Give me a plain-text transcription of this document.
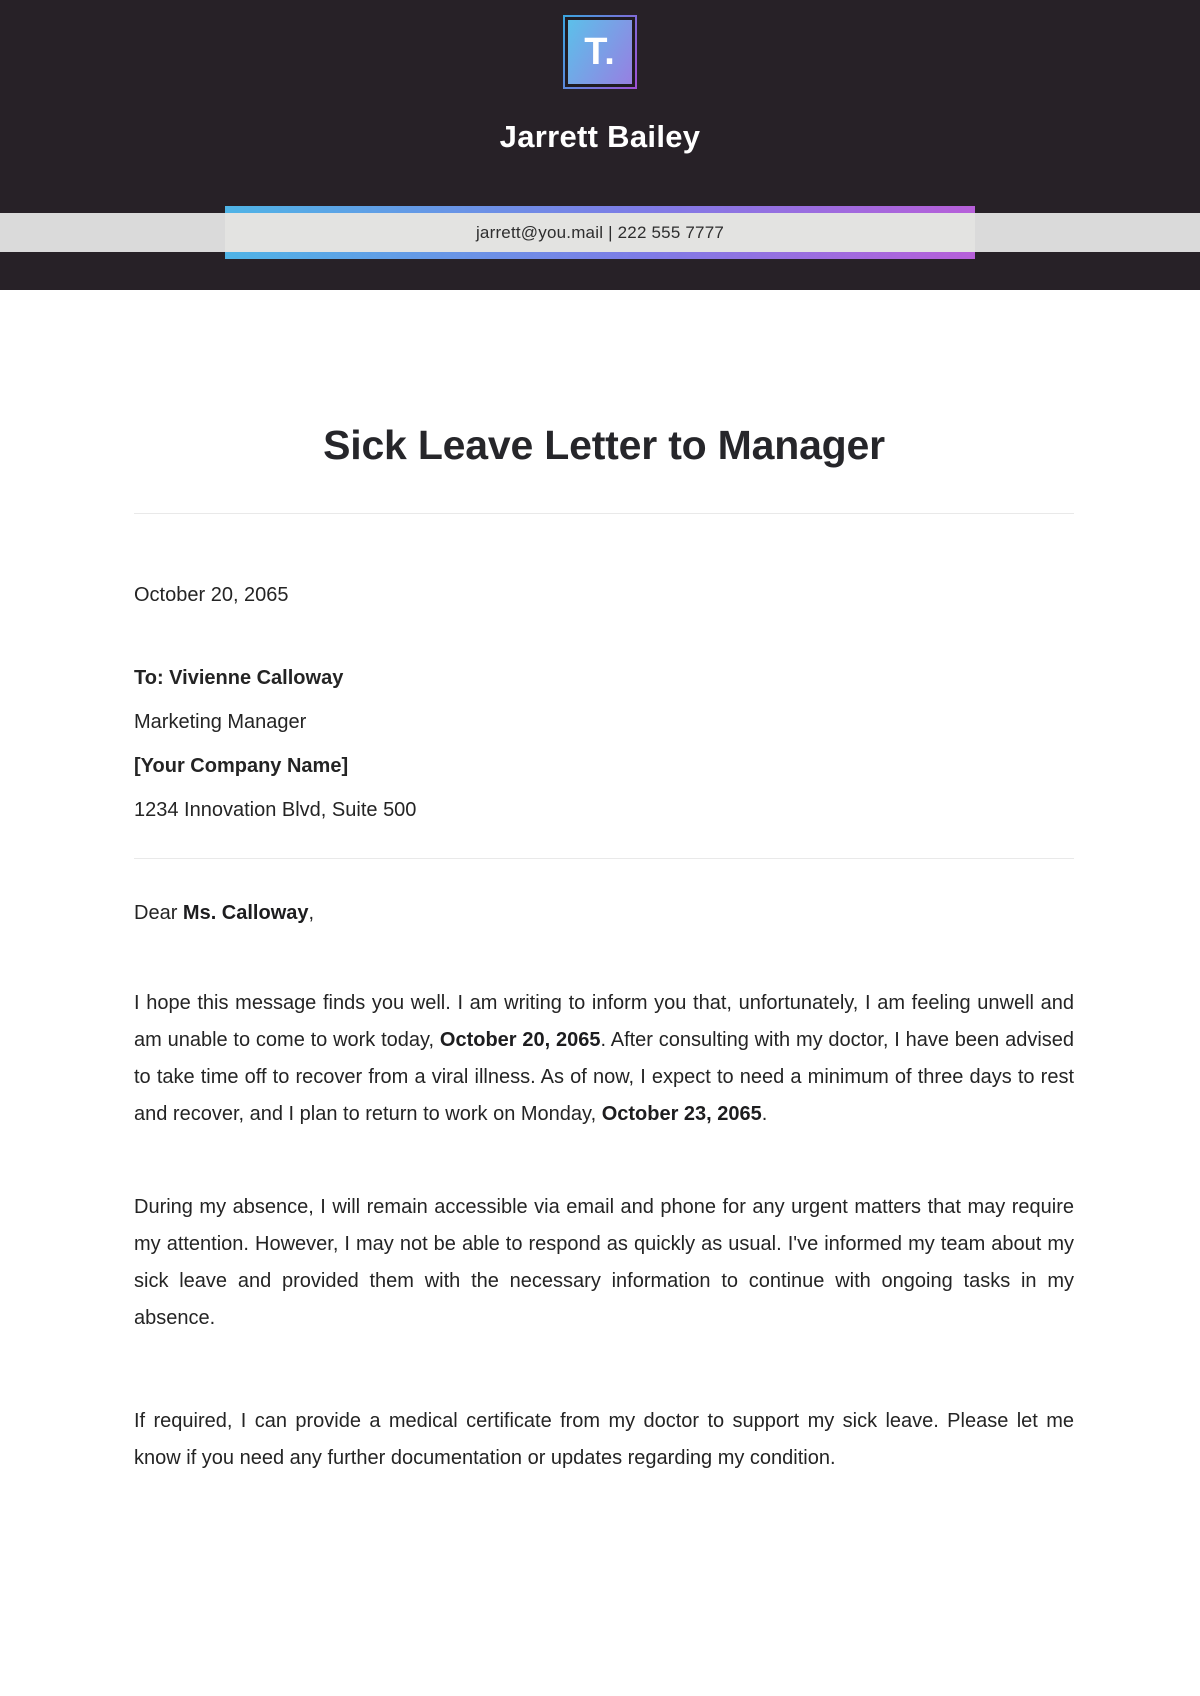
T.
Jarrett Bailey
jarrett@you.mail | 222 555 7777
Sick Leave Letter to Manager

October 20, 2065

To: Vivienne Calloway

Marketing Manager

[Your Company Name]

1234 Innovation Blvd, Suite 500

Dear Ms. Calloway,

I hope this message finds you well. I am writing to inform you that, unfortunately, I am feeling unwell and am unable to come to work today, October 20, 2065. After consulting with my doctor, I have been advised to take time off to recover from a viral illness. As of now, I expect to need a minimum of three days to rest and recover, and I plan to return to work on Monday, October 23, 2065.

During my absence, I will remain accessible via email and phone for any urgent matters that may require my attention. However, I may not be able to respond as quickly as usual. I've informed my team about my sick leave and provided them with the necessary information to continue with ongoing tasks in my absence.

If required, I can provide a medical certificate from my doctor to support my sick leave. Please let me know if you need any further documentation or updates regarding my condition.
